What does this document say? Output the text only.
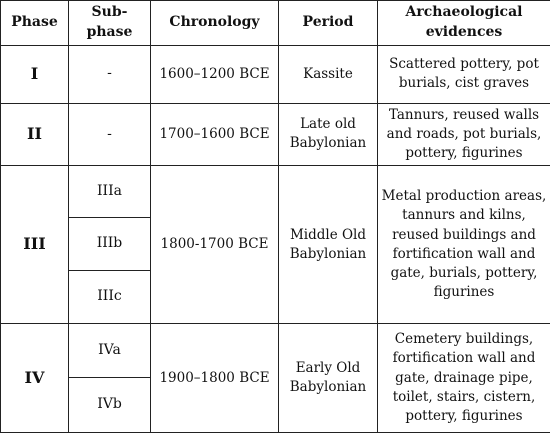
Phase	Sub-phase	Chronology	Period	Archaeological evidences
I	-	1600–1200 BCE	Kassite	Scattered pottery, pot burials, cist graves
II	-	1700–1600 BCE	Late old Babylonian	Tannurs, reused walls and roads, pot burials, pottery, figurines
III	IIIa	1800-1700 BCE	Middle Old Babylonian	Metal production areas, tannurs and kilns, reused buildings and fortification wall and gate, burials, pottery, figurines
	IIIb			
	IIIc			
IV	IVa	1900–1800 BCE	Early Old Babylonian	Cemetery buildings, fortification wall and gate, drainage pipe, toilet, stairs, cistern, pottery, figurines
	IVb			
